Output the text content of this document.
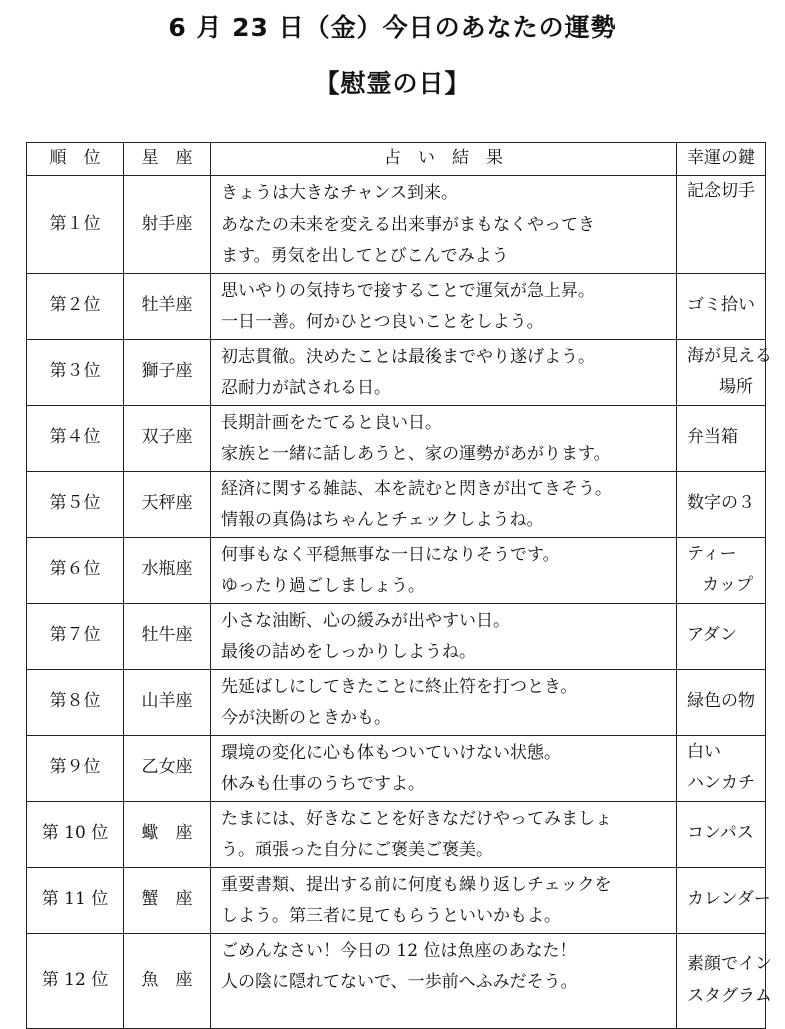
6 月 23 日（金）今日のあなたの運勢
【慰霊の日】
順　位	星　座	占　い　結　果	幸運の鍵
第１位	射手座	きょうは大きなチャンス到来。
あなたの未来を変える出来事がまもなくやってき
ます。勇気を出してとびこんでみよう	記念切手

第２位	牡羊座	思いやりの気持ちで接することで運気が急上昇。
一日一善。何かひとつ良いことをしよう。	ゴミ拾い

第３位	獅子座	初志貫徹。決めたことは最後までやり遂げよう。
忍耐力が試される日。	海が見える
場所

第４位	双子座	長期計画をたてると良い日。
家族と一緒に話しあうと、家の運勢があがります。	弁当箱

第５位	天秤座	経済に関する雑誌、本を読むと閃きが出てきそう。
情報の真偽はちゃんとチェックしようね。	数字の３

第６位	水瓶座	何事もなく平穏無事な一日になりそうです。
ゆったり過ごしましょう。	ティー
カップ

第７位	牡牛座	小さな油断、心の緩みが出やすい日。
最後の詰めをしっかりしようね。	アダン

第８位	山羊座	先延ばしにしてきたことに終止符を打つとき。
今が決断のときかも。	緑色の物

第９位	乙女座	環境の変化に心も体もついていけない状態。
休みも仕事のうちですよ。	白い
ハンカチ

第 10 位	蠍　座	たまには、好きなことを好きなだけやってみましょ
う。頑張った自分にご褒美ご褒美。	コンパス

第 11 位	蟹　座	重要書類、提出する前に何度も繰り返しチェックを
しよう。第三者に見てもらうといいかもよ。	カレンダー

第 12 位	魚　座	ごめんなさい！今日の 12 位は魚座のあなた！
人の陰に隠れてないで、一歩前へふみだそう。	素顔でイン
スタグラム
